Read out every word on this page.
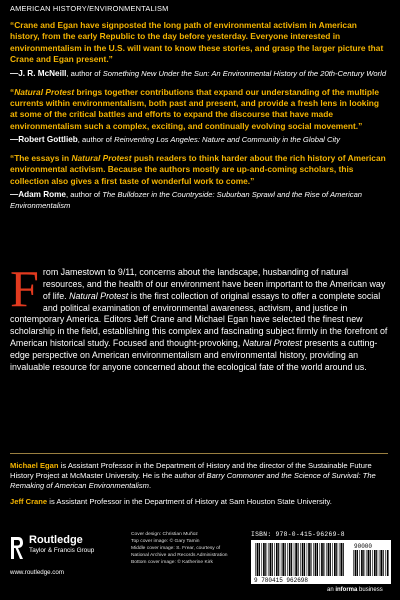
AMERICAN HISTORY/ENVIRONMENTALISM

“Crane and Egan have signposted the long path of environmental activism in American history, from the early Republic to the day before yesterday. Everyone interested in environmentalism in the U.S. will want to know these stories, and grasp the larger picture that Crane and Egan present.”

—J. R. McNeill, author of Something New Under the Sun: An Environmental History of the 20th-Century World

“Natural Protest brings together contributions that expand our understanding of the multiple currents within environmentalism, both past and present, and provide a fresh lens in looking at some of the critical battles and efforts to expand the discourse that have made environmentalism such a complex, exciting, and continually evolving social movement.”

—Robert Gottlieb, author of Reinventing Los Angeles: Nature and Community in the Global City

“The essays in Natural Protest push readers to think harder about the rich history of American environmental activism. Because the authors mostly are up-and-coming scholars, this collection also gives a first taste of wonderful work to come.”

—Adam Rome, author of The Bulldozer in the Countryside: Suburban Sprawl and the Rise of American Environmentalism

From Jamestown to 9/11, concerns about the landscape, husbanding of natural resources, and the health of our environment have been important to the American way of life. Natural Protest is the first collection of original essays to offer a complete social and political examination of environmental awareness, activism, and justice in contemporary America. Editors Jeff Crane and Michael Egan have selected the finest new scholarship in the field, establishing this complex and fascinating subject firmly in the forefront of American historical study. Focused and thought-provoking, Natural Protest presents a cutting-edge perspective on American environmentalism and environmental history, providing an invaluable resource for anyone concerned about the ecological fate of the world around us.

Michael Egan is Assistant Professor in the Department of History and the director of the Sustainable Future History Project at McMaster University. He is the author of Barry Commoner and the Science of Survival: The Remaking of American Environmentalism.

Jeff Crane is Assistant Professor in the Department of History at Sam Houston State University.

Routledge
Taylor & Francis Group
www.routledge.com
Cover design: Christian Muñoz
Top cover image: © Gary Tamin
Middle cover image: S. Frear, courtesy of
National Archive and Records Administration
Bottom cover image: © Katherine Kirk
ISBN: 978-0-415-96269-8
9 780415 962698
90000
an informa business
